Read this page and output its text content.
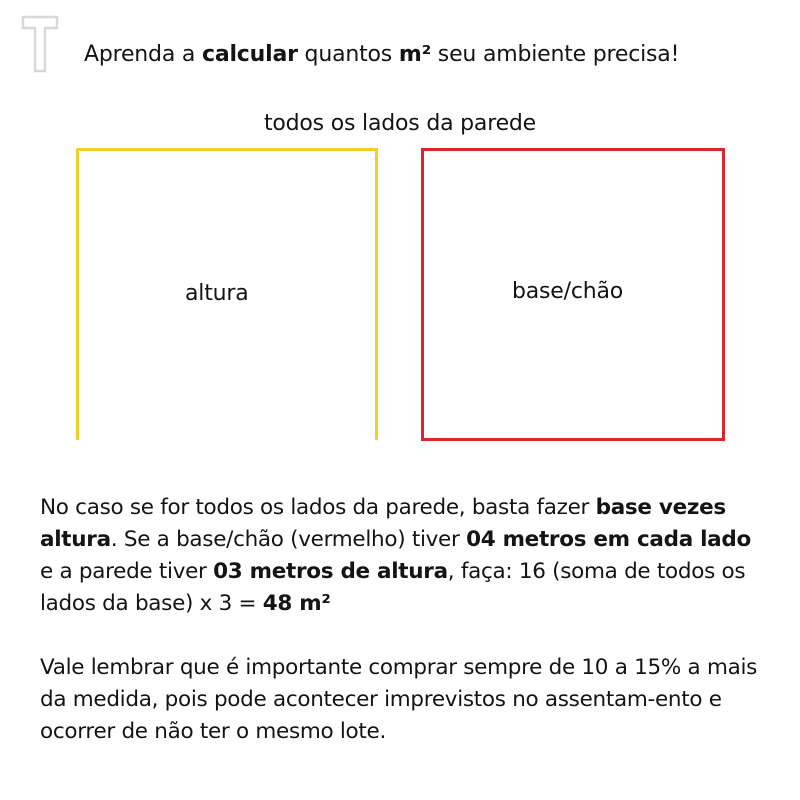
Aprenda a calcular quantos m² seu ambiente precisa!
todos os lados da parede
altura	base/chão
No caso se for todos os lados da parede, basta fazer base vezes altura. Se a base/chão (vermelho) tiver 04 metros em cada lado e a parede tiver 03 metros de altura, faça: 16 (soma de todos os lados da base) x 3 = 48 m²
Vale lembrar que é importante comprar sempre de 10 a 15% a mais da medida, pois pode acontecer imprevistos no assentam-ento e ocorrer de não ter o mesmo lote.
